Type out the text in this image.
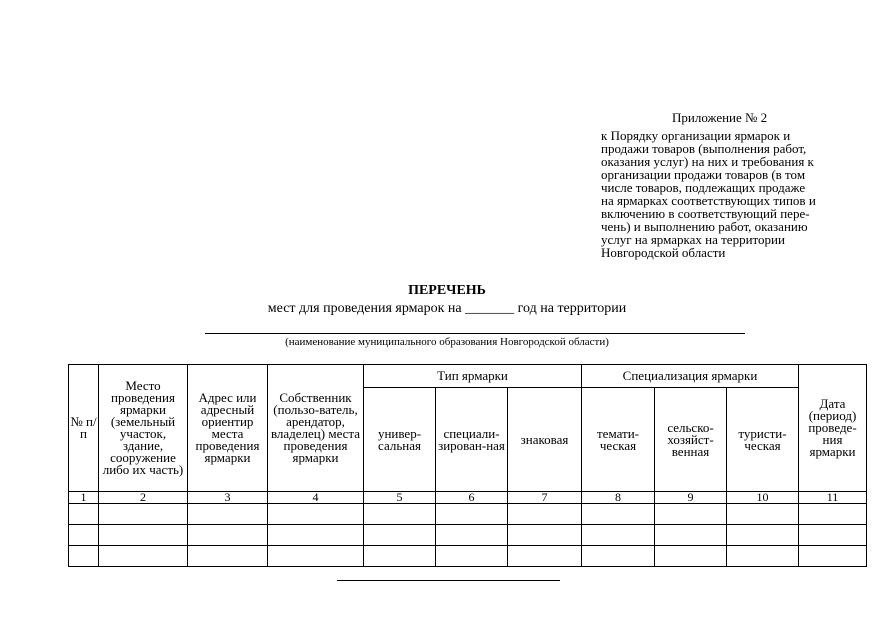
Приложение № 2
к Порядку организации ярмарок и
продажи товаров (выполнения работ,
оказания услуг) на них и требования к
организации продажи товаров (в том
числе товаров, подлежащих продаже
на ярмарках соответствующих типов и
включению в соответствующий пере-
чень) и выполнению работ, оказанию
услуг на ярмарках на территории
Новгородской области
ПЕРЕЧЕНЬ
мест для проведения ярмарок на _______ год на территории
(наименование муниципального образования Новгородской области)
№ п/п	Место проведения ярмарки (земельный участок, здание, сооружение либо их часть)	Адрес или адресный ориентир места проведения ярмарки	Собственник (пользо-ватель, арендатор, владелец) места проведения ярмарки	Тип ярмарки			Специализация ярмарки			Дата (период) проведе-ния ярмарки

				универ-сальная	специали-зирован-ная	знаковая	темати-ческая	сельско-хозяйст-венная	туристи-ческая	

1	2	3	4	5	6	7	8	9	10	11
